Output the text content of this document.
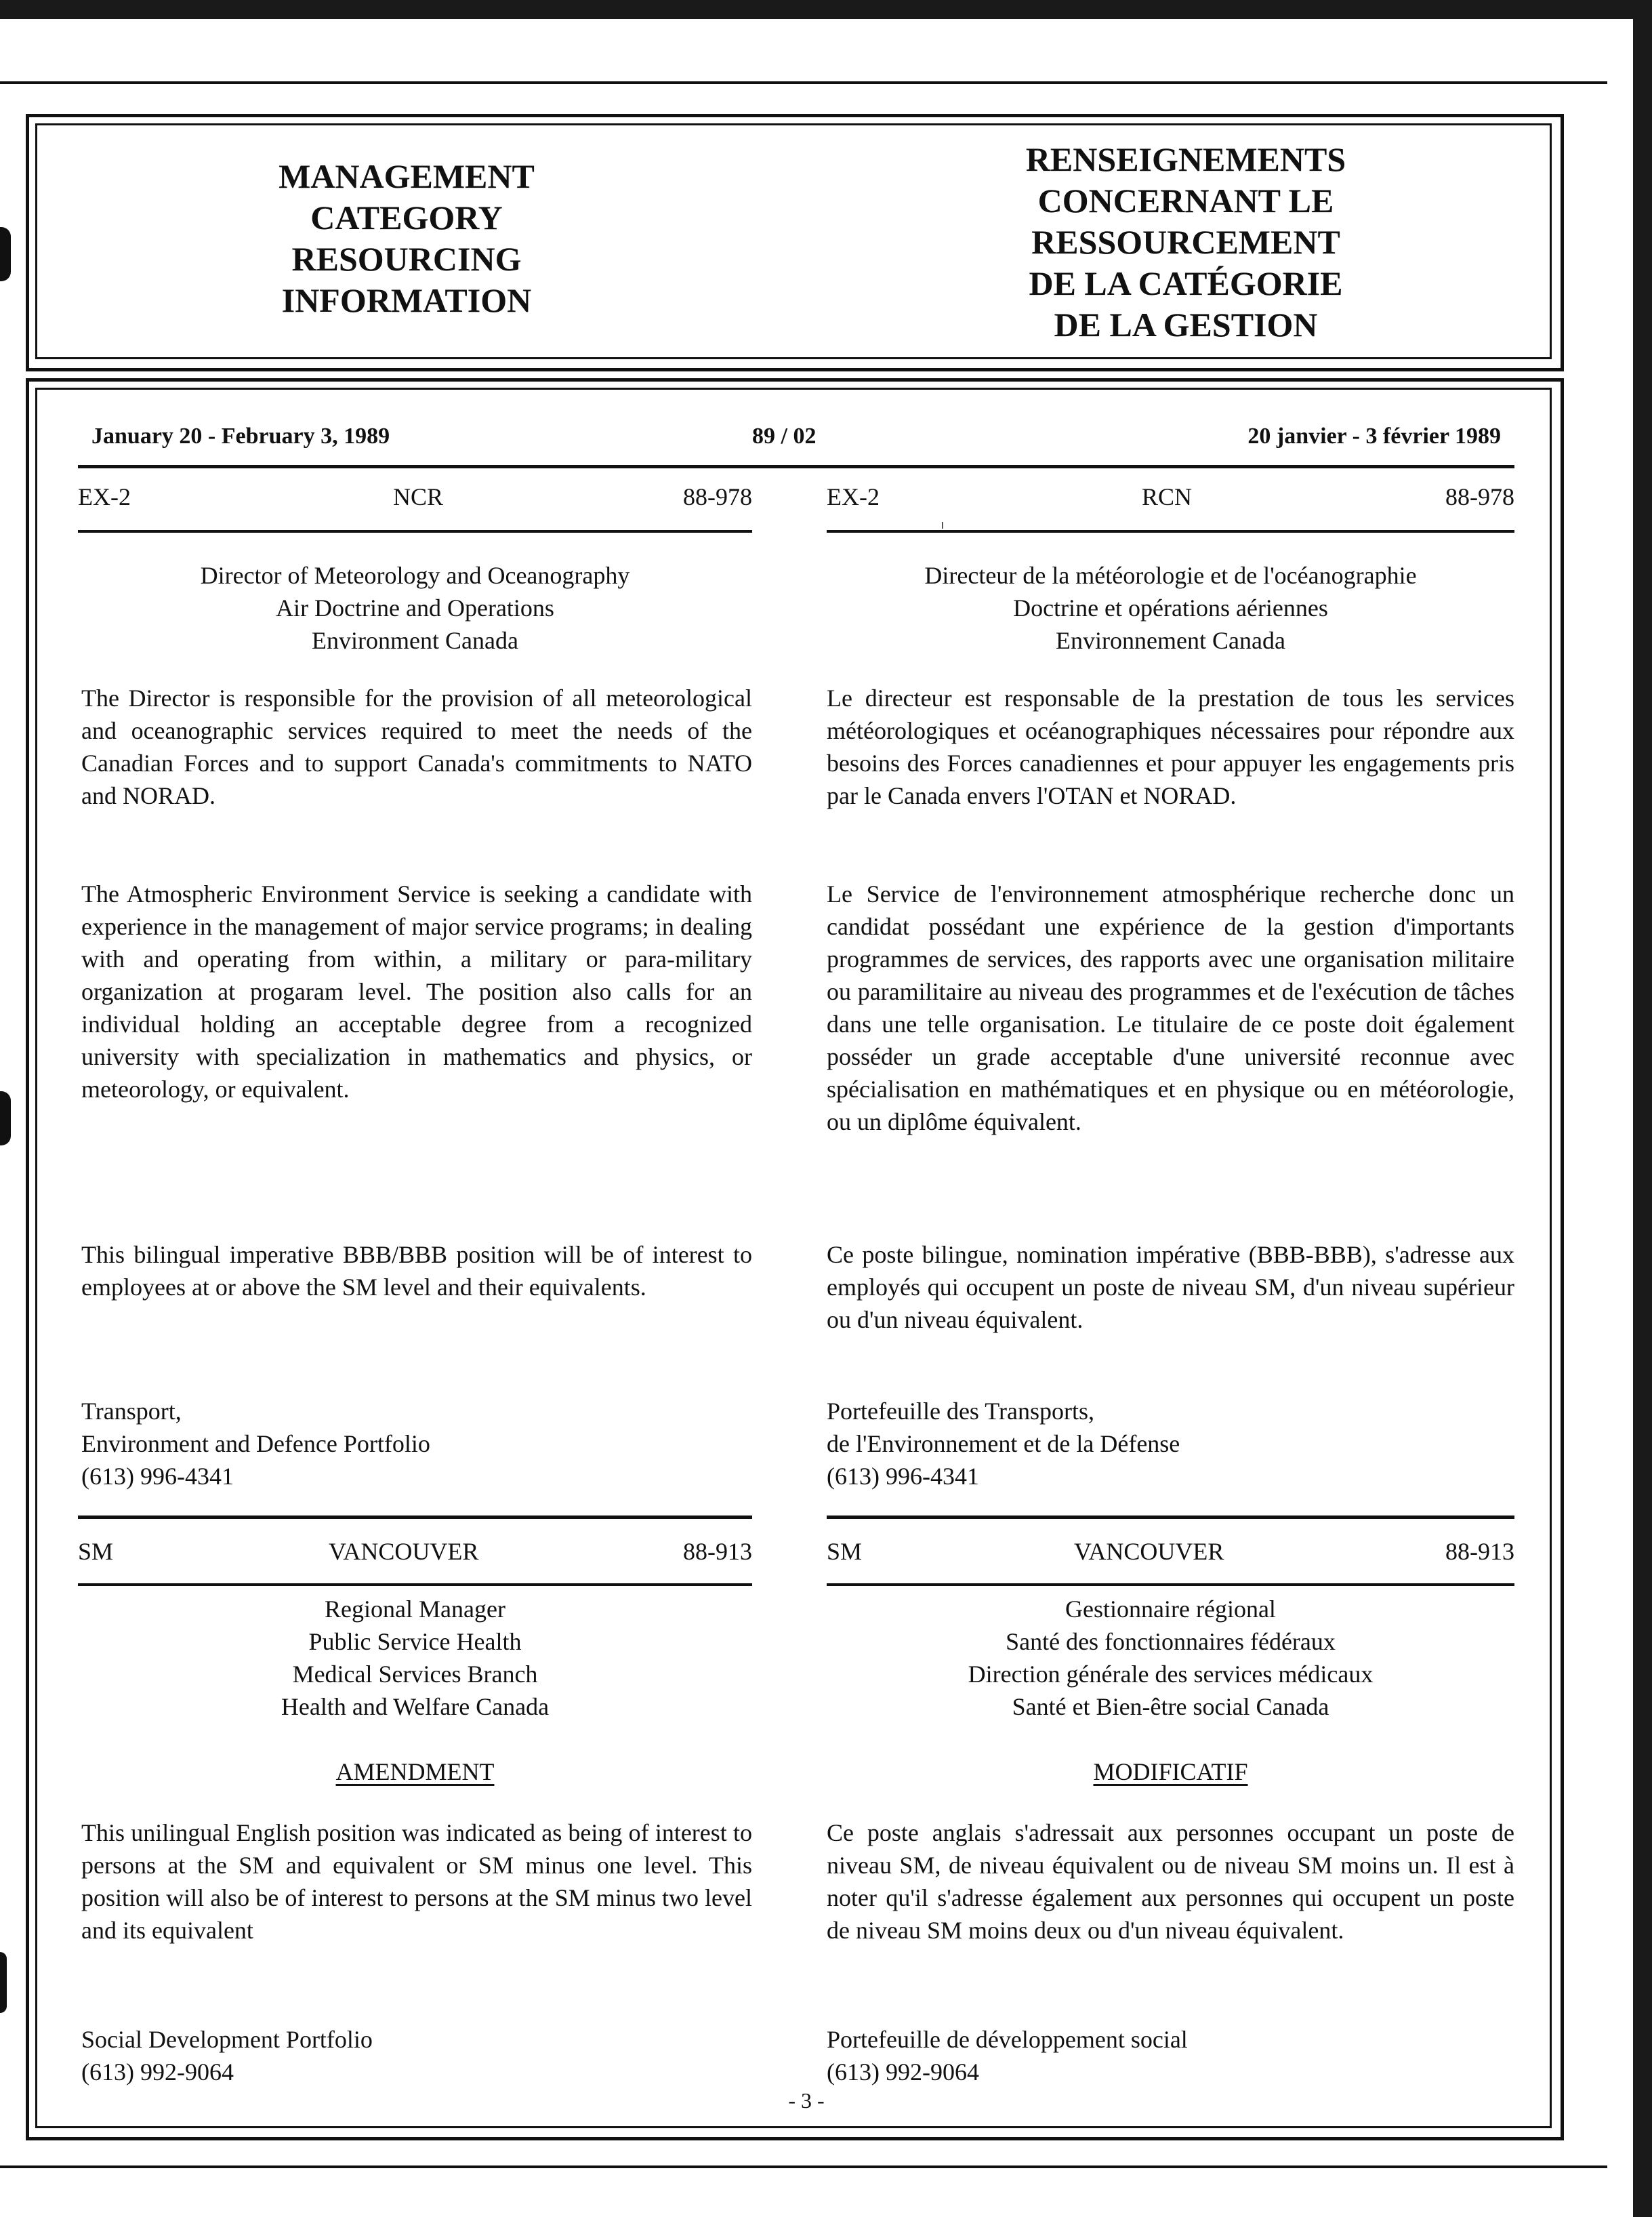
MANAGEMENT
CATEGORY
RESOURCING
INFORMATION
RENSEIGNEMENTS
CONCERNANT LE
RESSOURCEMENT
DE LA CATÉGORIE
DE LA GESTION
January 20 - February 3, 1989	89 / 02	20 janvier - 3 février 1989
EX-2	NCR	88-978
Director of Meteorology and Oceanography
Air Doctrine and Operations
Environment Canada
The Director is responsible for the provision of all meteorological and oceanographic services required to meet the needs of the Canadian Forces and to support Canada's commitments to NATO and NORAD.
The Atmospheric Environment Service is seeking a candidate with experience in the management of major service programs; in dealing with and operating from within, a military or para-military organization at progaram level. The position also calls for an individual holding an acceptable degree from a recognized university with specialization in mathematics and physics, or meteorology, or equivalent.
This bilingual imperative BBB/BBB position will be of interest to employees at or above the SM level and their equivalents.
Transport,
Environment and Defence Portfolio
(613) 996-4341
EX-2	RCN	88-978
Directeur de la météorologie et de l'océanographie
Doctrine et opérations aériennes
Environnement Canada
Le directeur est responsable de la prestation de tous les services météorologiques et océanographiques nécessaires pour répondre aux besoins des Forces canadiennes et pour appuyer les engagements pris par le Canada envers l'OTAN et NORAD.
Le Service de l'environnement atmosphérique recherche donc un candidat possédant une expérience de la gestion d'importants programmes de services, des rapports avec une organisation militaire ou paramilitaire au niveau des programmes et de l'exécution de tâches dans une telle organisation. Le titulaire de ce poste doit également posséder un grade acceptable d'une université reconnue avec spécialisation en mathématiques et en physique ou en météorologie, ou un diplôme équivalent.
Ce poste bilingue, nomination impérative (BBB-BBB), s'adresse aux employés qui occupent un poste de niveau SM, d'un niveau supérieur ou d'un niveau équivalent.
Portefeuille des Transports,
de l'Environnement et de la Défense
(613) 996-4341
SM	VANCOUVER	88-913
Regional Manager
Public Service Health
Medical Services Branch
Health and Welfare Canada
AMENDMENT
This unilingual English position was indicated as being of interest to persons at the SM and equivalent or SM minus one level. This position will also be of interest to persons at the SM minus two level and its equivalent
Social Development Portfolio
(613) 992-9064
SM	VANCOUVER	88-913
Gestionnaire régional
Santé des fonctionnaires fédéraux
Direction générale des services médicaux
Santé et Bien-être social Canada
MODIFICATIF
Ce poste anglais s'adressait aux personnes occupant un poste de niveau SM, de niveau équivalent ou de niveau SM moins un. Il est à noter qu'il s'adresse également aux personnes qui occupent un poste de niveau SM moins deux ou d'un niveau équivalent.
Portefeuille de développement social
(613) 992-9064
- 3 -
